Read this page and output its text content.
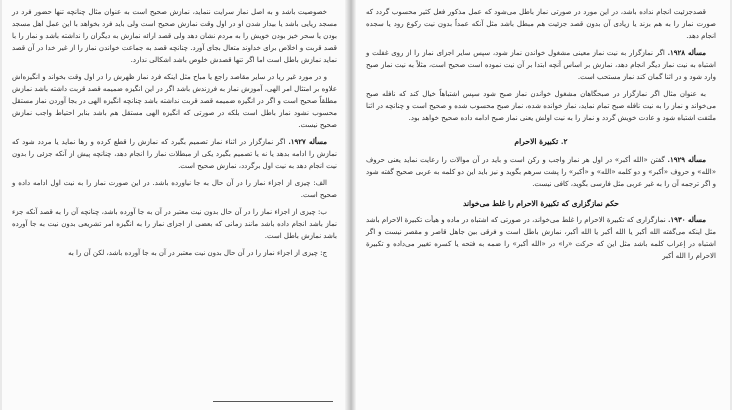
خصوصیت باشد و به اصل نماز سرایت ننماید، نمازش صحیح است به عنوان مثال چنانچه تنها حضور فرد در مسجد ریایی باشد یا بیدار شدن او در اول وقت نمازش صحیح است ولی باید فرد بخواهد با این عمل اهل مسجد بودن یا سحر خیز بودن خویش را به مردم نشان دهد ولی قصد ارائه نمازش به دیگران را نداشته باشد و نماز را با قصد قربت و اخلاص برای خداوند متعال بجای آورد. چنانچه قصد به جماعت خواندن نماز را از غیر خدا در آن قصد نماید نمازش باطل است اما اگر تنها قصدش خلوص باشد اشکالی ندارد.

و در مورد غیر ریا در سایر مقاصد راجع یا مباح مثل اینکه فرد نماز ظهرش را در اول وقت بخواند و انگیزه‌اش علاوه بر امتثال امر الهی، آموزش نماز به فرزندش باشد اگر در این انگیزه ضمیمه قصد قربت داشته باشد نمازش مطلقاً صحیح است و اگر در انگیزه ضمیمه قصد قربت نداشته باشد چنانچه انگیزه الهی در بجا آوردن نماز مستقل محسوب نشود نماز باطل است بلکه در صورتی که انگیزه الهی مستقل هم باشد بنابر احتیاط واجب نمازش صحیح نیست.

مسأله ۱۹۲۷. اگر نمازگزار در اثناء نماز تصمیم بگیرد که نمازش را قطع کرده و رها نماید یا مردد شود که نمازش را ادامه بدهد یا نه یا تصمیم بگیرد یکی از مبطلات نماز را انجام دهد، چنانچه پیش از آنکه جزئی را بدون نیت انجام دهد به نیت اول برگردد، نمازش صحیح است.

الف: چیزی از اجزاء نماز را در آن حال به جا نیاورده باشد. در این صورت نماز را به نیت اول ادامه داده و صحیح است.

ب: چیزی از اجزاء نماز را در آن حال بدون نیت معتبر در آن به جا آورده باشد، چنانچه آن را به قصد آنکه جزء نماز باشد انجام داده باشد مانند زمانی که بعضی از اجزای نماز را به انگیزه امر تشریعی بدون نیت به جا آورده باشد نمازش باطل است.

ج: چیزی از اجزاء نماز را در آن حال بدون نیت معتبر در آن به جا آورده باشد، لکن آن را به

قصدجزئیت انجام نداده باشد، در این مورد در صورتی نماز باطل می‌شود که عمل مذکور فعل کثیر محسوب گردد که صورت نماز را به هم بزند یا زیادی آن بدون قصد جزئیت هم مبطل باشد مثل آنکه عمداً بدون نیت رکوع رود یا سجده انجام دهد.

مسأله ۱۹۲۸. اگر نمازگزار به نیت نماز معینی مشغول خواندن نماز شود، سپس سایر اجزای نماز را از روی غفلت و اشتباه به نیت نماز دیگر انجام دهد، نمازش بر اساس آنچه ابتدا بر آن نیت نموده است صحیح است، مثلاً به نیت نماز صبح وارد شود و در اثنا گمان کند نماز مستحب است.

به عنوان مثال اگر نمازگزار در صبحگاهان مشغول خواندن نماز صبح شود سپس اشتباهاً خیال کند که نافله صبح می‌خواند و نماز را به نیت نافله صبح تمام نماید، نماز خوانده شده، نماز صبح محسوب شده و صحیح است و چنانچه در اثنا ملتفت اشتباه شود و عادت خویش گردد و نماز را به نیت اولش یعنی نماز صبح ادامه داده صحیح خواهد بود.

۲. تکبیرة الاحرام

مسأله ۱۹۲۹. گفتن «الله أكبر» در اول هر نماز واجب و رکن است و باید در آن موالات را رعایت نماید یعنی حروف «الله» و حروف «أكبر» و دو کلمه «الله» و «أكبر» را پشت سرهم بگوید و نیز باید این دو کلمه به عربی صحیح گفته شود و اگر ترجمه آن را به غیر عربی مثل فارسی بگوید، کافی نیست.

حکم نمازگزاری که تکبیرة الاحرام را غلط می‌خواند

مسأله ۱۹۳۰. نمازگزاری که تکبیرة الاحرام را غلط می‌خواند، در صورتی که اشتباه در ماده و هیأت تکبیرة الاحرام باشد مثل اینکه می‌گفته الله أکبر یا الله أکبر یا الله أکبر، نمازش باطل است و فرقی بین جاهل قاصر و مقصر نیست و اگر اشتباه در إعراب کلمه باشد مثل این که حرکت «را» در «الله أكبر» را ضمه به فتحه یا کسره تغییر می‌داده و تکبیرة الاحرام را الله أکبر
